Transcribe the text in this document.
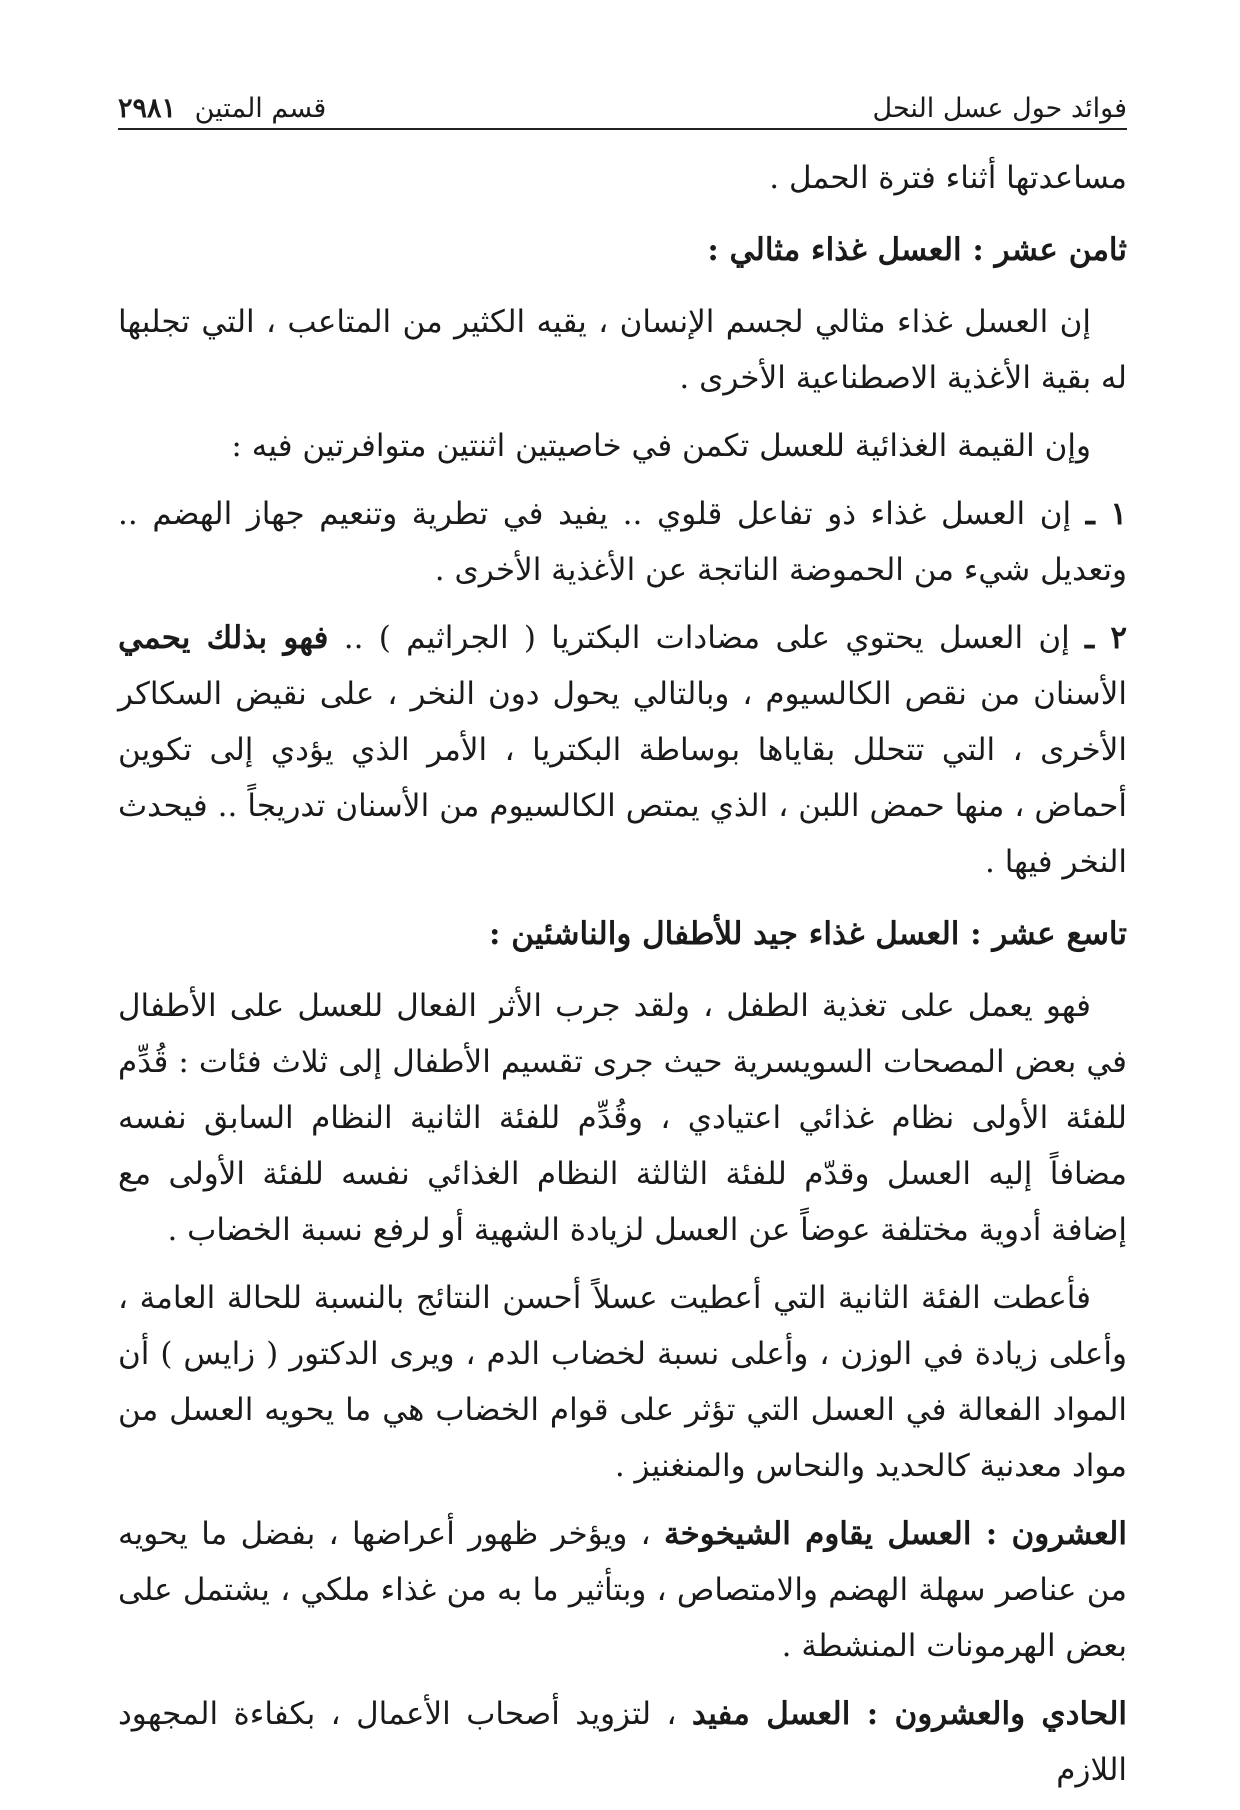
فوائد حول عسل النحل
قسم المتين ٢٩٨١

مساعدتها أثناء فترة الحمل .

ثامن عشر : العسل غذاء مثالي :

إن العسل غذاء مثالي لجسم الإنسان ، يقيه الكثير من المتاعب ، التي تجلبها له بقية الأغذية الاصطناعية الأخرى .

وإن القيمة الغذائية للعسل تكمن في خاصيتين اثنتين متوافرتين فيه :

١ ـ إن العسل غذاء ذو تفاعل قلوي .. يفيد في تطرية وتنعيم جهاز الهضم .. وتعديل شيء من الحموضة الناتجة عن الأغذية الأخرى .

٢ ـ إن العسل يحتوي على مضادات البكتريا ( الجراثيم ) .. فهو بذلك يحمي الأسنان من نقص الكالسيوم ، وبالتالي يحول دون النخر ، على نقيض السكاكر الأخرى ، التي تتحلل بقاياها بوساطة البكتريا ، الأمر الذي يؤدي إلى تكوين أحماض ، منها حمض اللبن ، الذي يمتص الكالسيوم من الأسنان تدريجاً .. فيحدث النخر فيها .

تاسع عشر : العسل غذاء جيد للأطفال والناشئين :

فهو يعمل على تغذية الطفل ، ولقد جرب الأثر الفعال للعسل على الأطفال في بعض المصحات السويسرية حيث جرى تقسيم الأطفال إلى ثلاث فئات : قُدِّم للفئة الأولى نظام غذائي اعتيادي ، وقُدِّم للفئة الثانية النظام السابق نفسه مضافاً إليه العسل وقدّم للفئة الثالثة النظام الغذائي نفسه للفئة الأولى مع إضافة أدوية مختلفة عوضاً عن العسل لزيادة الشهية أو لرفع نسبة الخضاب .

فأعطت الفئة الثانية التي أعطيت عسلاً أحسن النتائج بالنسبة للحالة العامة ، وأعلى زيادة في الوزن ، وأعلى نسبة لخضاب الدم ، ويرى الدكتور ( زايس ) أن المواد الفعالة في العسل التي تؤثر على قوام الخضاب هي ما يحويه العسل من مواد معدنية كالحديد والنحاس والمنغنيز .

العشرون : العسل يقاوم الشيخوخة ، ويؤخر ظهور أعراضها ، بفضل ما يحويه من عناصر سهلة الهضم والامتصاص ، وبتأثير ما به من غذاء ملكي ، يشتمل على بعض الهرمونات المنشطة .

الحادي والعشرون : العسل مفيد ، لتزويد أصحاب الأعمال ، بكفاءة المجهود اللازم
